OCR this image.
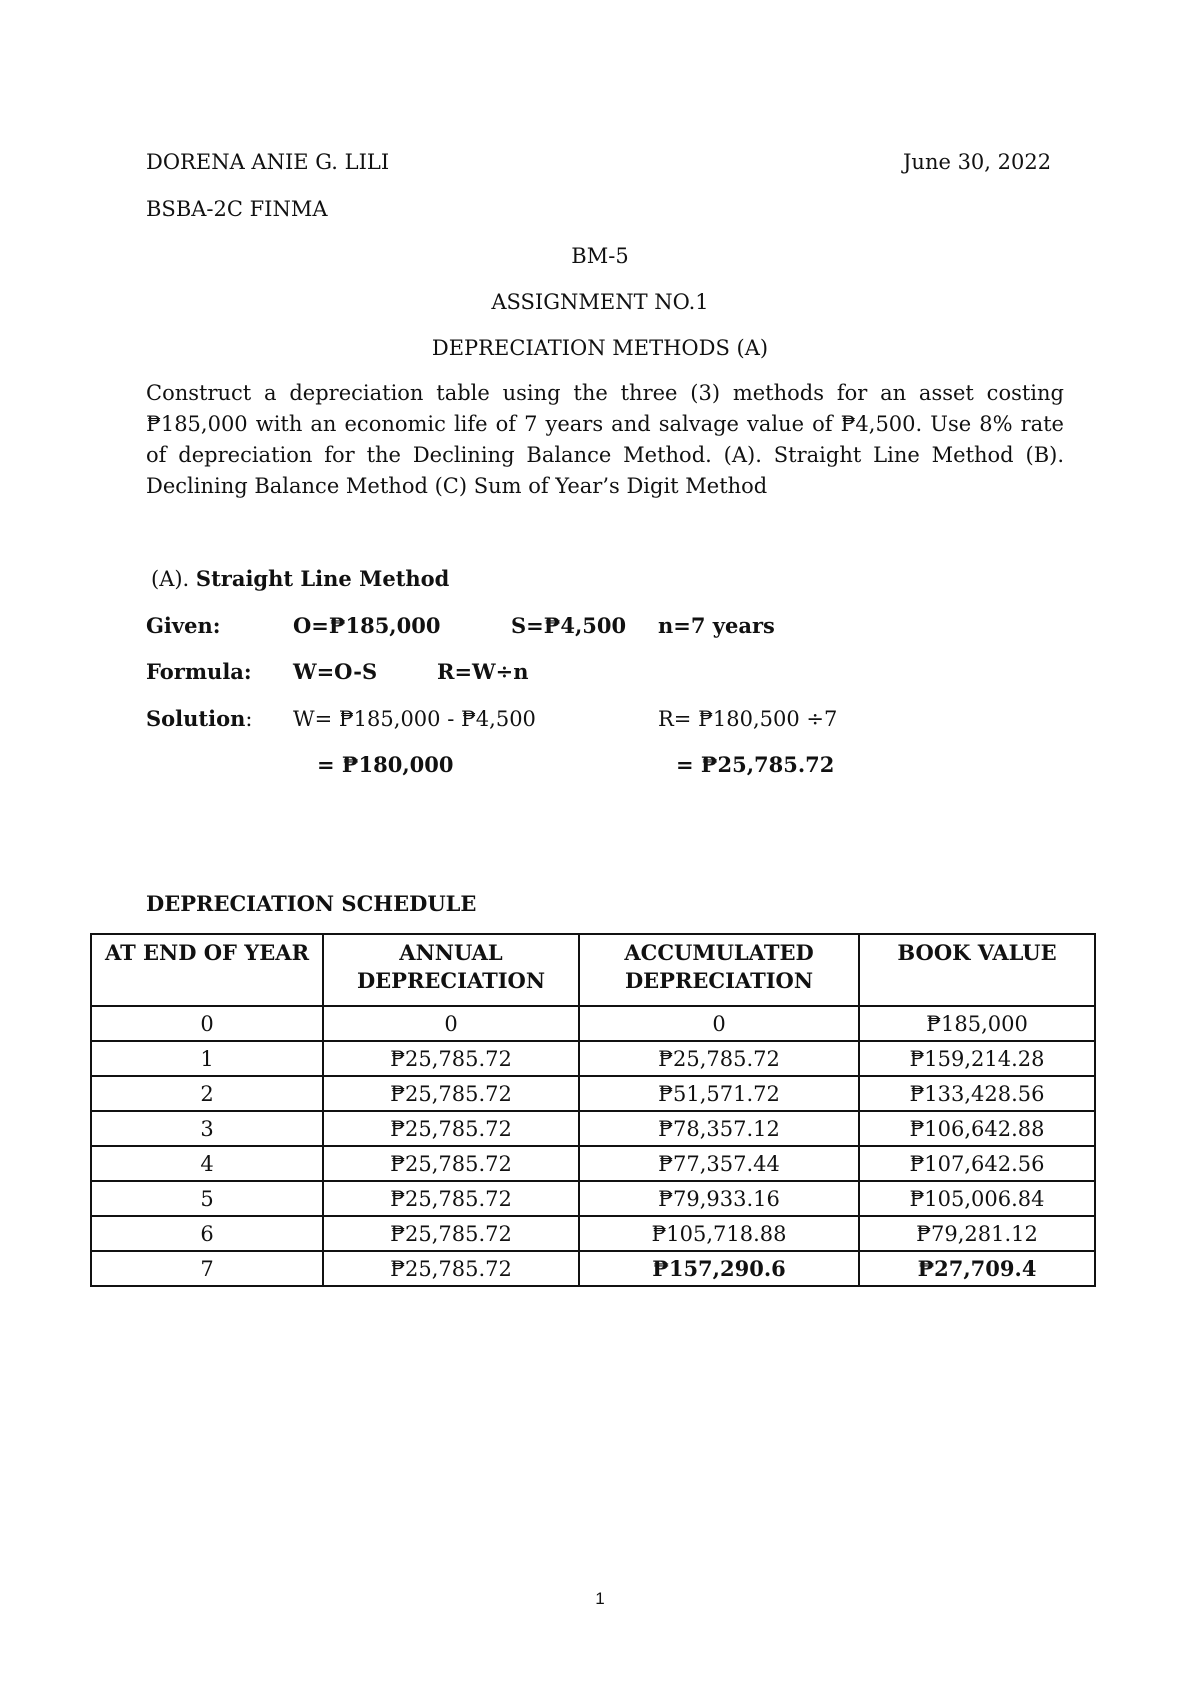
DORENA ANIE G. LILI	June 30, 2022
BSBA-2C FINMA
BM-5
ASSIGNMENT NO.1
DEPRECIATION METHODS (A)
Construct a depreciation table using the three (3) methods for an asset costing ₱185,000 with an economic life of 7 years and salvage value of ₱4,500. Use 8% rate of depreciation for the Declining Balance Method. (A). Straight Line Method (B). Declining Balance Method (C) Sum of Year’s Digit Method
(A). Straight Line Method
Given:	O=₱185,000	S=₱4,500 n=7 years
Formula: W=O-S	R=W÷n
Solution: W= ₱185,000 - ₱4,500	R= ₱180,500 ÷7
= ₱180,000	= ₱25,785.72
DEPRECIATION SCHEDULE
AT END OF YEAR	ANNUAL DEPRECIATION	ACCUMULATED DEPRECIATION	BOOK VALUE
0	0	0	₱185,000
1	₱25,785.72	₱25,785.72	₱159,214.28
2	₱25,785.72	₱51,571.72	₱133,428.56
3	₱25,785.72	₱78,357.12	₱106,642.88
4	₱25,785.72	₱77,357.44	₱107,642.56
5	₱25,785.72	₱79,933.16	₱105,006.84
6	₱25,785.72	₱105,718.88	₱79,281.12
7	₱25,785.72	₱157,290.6	₱27,709.4
1
